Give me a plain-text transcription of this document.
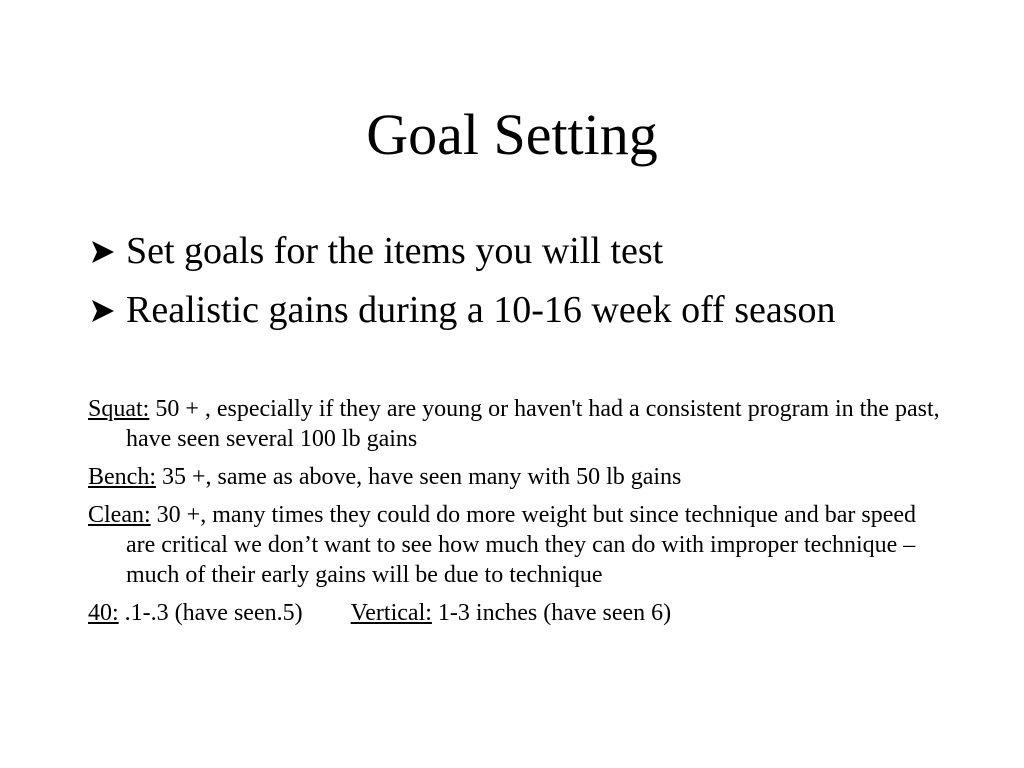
Goal Setting
Set goals for the items you will test
Realistic gains during a 10-16 week off season
Squat: 50 + , especially if they are young or haven't had a consistent program in the past, have seen several 100 lb gains
Bench: 35 +, same as above, have seen many with 50 lb gains
Clean: 30 +, many times they could do more weight but since technique and bar speed are critical we don’t want to see how much they can do with improper technique – much of their early gains will be due to technique
40: .1-.3 (have seen.5) Vertical: 1-3 inches (have seen 6)
